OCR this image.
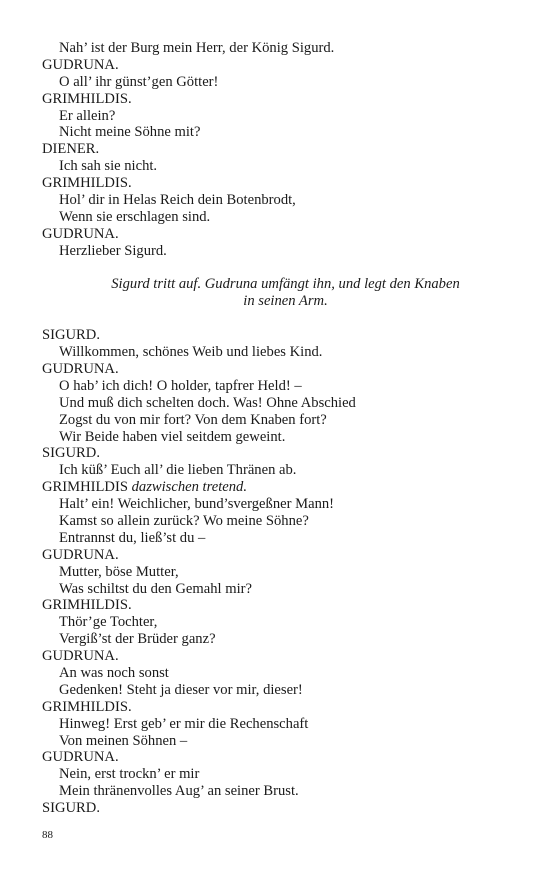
Nah’ ist der Burg mein Herr, der König Sigurd.
GUDRUNA.
O all’ ihr günst’gen Götter!
GRIMHILDIS.
Er allein?
Nicht meine Söhne mit?
DIENER.
Ich sah sie nicht.
GRIMHILDIS.
Hol’ dir in Helas Reich dein Botenbrodt,
Wenn sie erschlagen sind.
GUDRUNA.
Herzlieber Sigurd.
Sigurd tritt auf. Gudruna umfängt ihn, und legt den Knaben
in seinen Arm.
SIGURD.
Willkommen, schönes Weib und liebes Kind.
GUDRUNA.
O hab’ ich dich! O holder, tapfrer Held! –
Und muß dich schelten doch. Was! Ohne Abschied
Zogst du von mir fort? Von dem Knaben fort?
Wir Beide haben viel seitdem geweint.
SIGURD.
Ich küß’ Euch all’ die lieben Thränen ab.
GRIMHILDIS dazwischen tretend.
Halt’ ein! Weichlicher, bund’svergeßner Mann!
Kamst so allein zurück? Wo meine Söhne?
Entrannst du, ließ’st du –
GUDRUNA.
Mutter, böse Mutter,
Was schiltst du den Gemahl mir?
GRIMHILDIS.
Thör’ge Tochter,
Vergiß’st der Brüder ganz?
GUDRUNA.
An was noch sonst
Gedenken! Steht ja dieser vor mir, dieser!
GRIMHILDIS.
Hinweg! Erst geb’ er mir die Rechenschaft
Von meinen Söhnen –
GUDRUNA.
Nein, erst trockn’ er mir
Mein thränenvolles Aug’ an seiner Brust.
SIGURD.
88
